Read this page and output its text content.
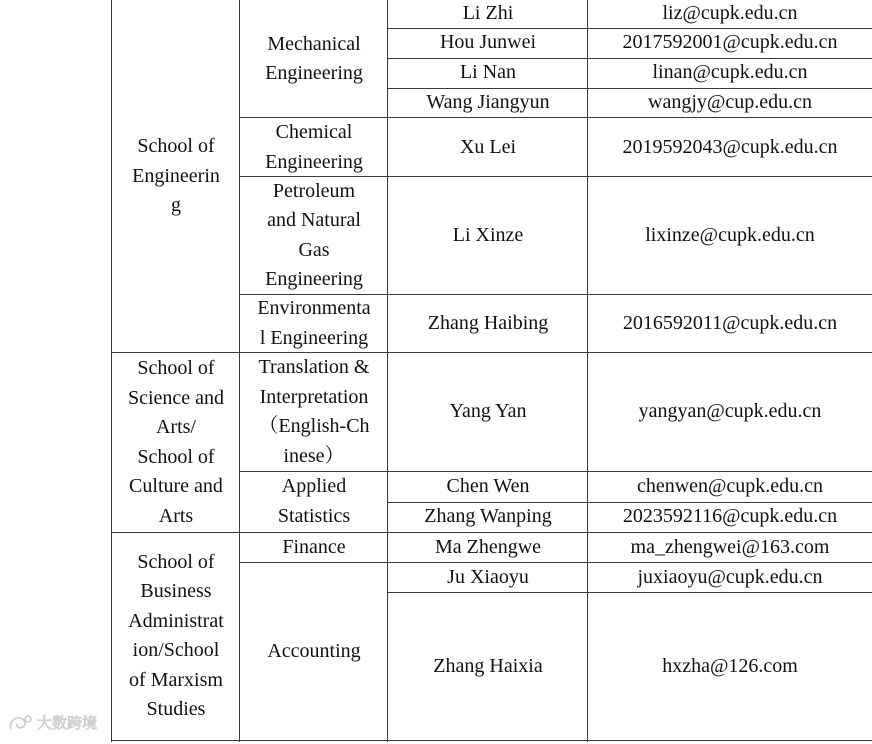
School of
Engineerin
g
School of
Science and
Arts/
School of
Culture and
Arts
School of
Business
Administrat
ion/School
of Marxism
Studies
Mechanical
Engineering
Chemical
Engineering
Petroleum
and Natural
Gas
Engineering
Environmenta
l Engineering
Translation &
Interpretation
（English-Ch
inese）
Applied
Statistics
Finance
Accounting
Li Zhi
Hou Junwei
Li Nan
Wang Jiangyun
Xu Lei
Li Xinze
Zhang Haibing
Yang Yan
Chen Wen
Zhang Wanping
Ma Zhengwe
Ju Xiaoyu
Zhang Haixia
liz@cupk.edu.cn
2017592001@cupk.edu.cn
linan@cupk.edu.cn
wangjy@cup.edu.cn
2019592043@cupk.edu.cn
lixinze@cupk.edu.cn
2016592011@cupk.edu.cn
yangyan@cupk.edu.cn
chenwen@cupk.edu.cn
2023592116@cupk.edu.cn
ma_zhengwei@163.com
juxiaoyu@cupk.edu.cn
hxzha@126.com
大数跨境
